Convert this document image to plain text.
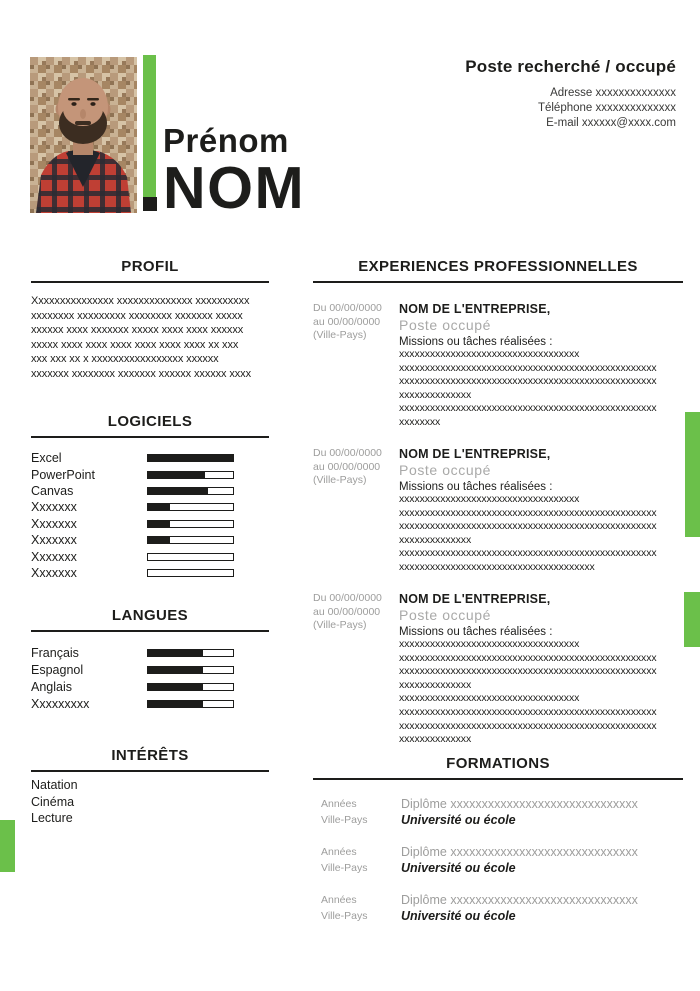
Prénom
NOM
Poste recherché / occupé
Adresse xxxxxxxxxxxxxx
Téléphone xxxxxxxxxxxxxx
E-mail xxxxxx@xxxx.com
PROFIL
Xxxxxxxxxxxxxxx xxxxxxxxxxxxxx xxxxxxxxxx
xxxxxxxx xxxxxxxxx xxxxxxxx xxxxxxx xxxxx
xxxxxx xxxx xxxxxxx xxxxx xxxx xxxx xxxxxx
xxxxx xxxx xxxx xxxx xxxx xxxx xxxx xx xxx
xxx xxx xx x xxxxxxxxxxxxxxxxx xxxxxx
xxxxxxx xxxxxxxx xxxxxxx xxxxxx xxxxxx xxxx
LOGICIELS
Excel
PowerPoint
Canvas
Xxxxxxx
Xxxxxxx
Xxxxxxx
Xxxxxxx
Xxxxxxx
LANGUES
Français
Espagnol
Anglais
Xxxxxxxxx
INTÉRÊTS
Natation
Cinéma
Lecture
EXPERIENCES PROFESSIONNELLES
Du 00/00/0000
au 00/00/0000
(Ville-Pays)
NOM DE L'ENTREPRISE,
Poste occupé
Missions ou tâches réalisées :
xxxxxxxxxxxxxxxxxxxxxxxxxxxxxxxxxxx
xxxxxxxxxxxxxxxxxxxxxxxxxxxxxxxxxxxxxxxxxxxxxxxxxx
xxxxxxxxxxxxxxxxxxxxxxxxxxxxxxxxxxxxxxxxxxxxxxxxxx
xxxxxxxxxxxxxx
xxxxxxxxxxxxxxxxxxxxxxxxxxxxxxxxxxxxxxxxxxxxxxxxxx
xxxxxxxx
Du 00/00/0000
au 00/00/0000
(Ville-Pays)
NOM DE L'ENTREPRISE,
Poste occupé
Missions ou tâches réalisées :
xxxxxxxxxxxxxxxxxxxxxxxxxxxxxxxxxxx
xxxxxxxxxxxxxxxxxxxxxxxxxxxxxxxxxxxxxxxxxxxxxxxxxx
xxxxxxxxxxxxxxxxxxxxxxxxxxxxxxxxxxxxxxxxxxxxxxxxxx
xxxxxxxxxxxxxx
xxxxxxxxxxxxxxxxxxxxxxxxxxxxxxxxxxxxxxxxxxxxxxxxxx
xxxxxxxxxxxxxxxxxxxxxxxxxxxxxxxxxxxxxx
Du 00/00/0000
au 00/00/0000
(Ville-Pays)
NOM DE L'ENTREPRISE,
Poste occupé
Missions ou tâches réalisées :
xxxxxxxxxxxxxxxxxxxxxxxxxxxxxxxxxxx
xxxxxxxxxxxxxxxxxxxxxxxxxxxxxxxxxxxxxxxxxxxxxxxxxx
xxxxxxxxxxxxxxxxxxxxxxxxxxxxxxxxxxxxxxxxxxxxxxxxxx
xxxxxxxxxxxxxx
xxxxxxxxxxxxxxxxxxxxxxxxxxxxxxxxxxx
xxxxxxxxxxxxxxxxxxxxxxxxxxxxxxxxxxxxxxxxxxxxxxxxxx
xxxxxxxxxxxxxxxxxxxxxxxxxxxxxxxxxxxxxxxxxxxxxxxxxx
xxxxxxxxxxxxxx
FORMATIONS
Années
Ville-Pays
Diplôme xxxxxxxxxxxxxxxxxxxxxxxxxxxxxx
Université ou école
Années
Ville-Pays
Diplôme xxxxxxxxxxxxxxxxxxxxxxxxxxxxxx
Université ou école
Années
Ville-Pays
Diplôme xxxxxxxxxxxxxxxxxxxxxxxxxxxxxx
Université ou école
